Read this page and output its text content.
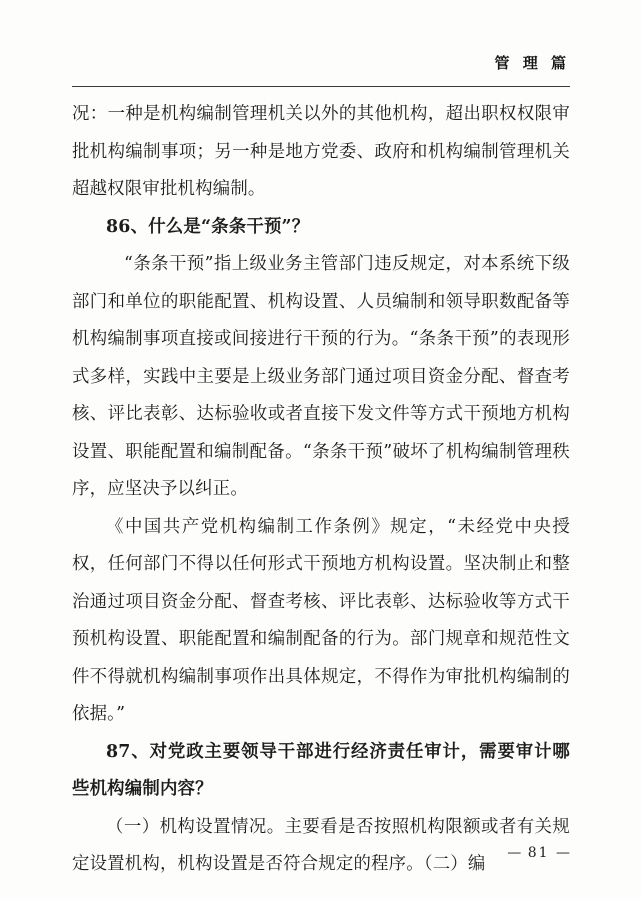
管 理 篇

况：一种是机构编制管理机关以外的其他机构，超出职权权限审批机构编制事项；另一种是地方党委、政府和机构编制管理机关超越权限审批机构编制。

86、什么是“条条干预”？

“条条干预”指上级业务主管部门违反规定，对本系统下级部门和单位的职能配置、机构设置、人员编制和领导职数配备等机构编制事项直接或间接进行干预的行为。“条条干预”的表现形式多样，实践中主要是上级业务部门通过项目资金分配、督查考核、评比表彰、达标验收或者直接下发文件等方式干预地方机构设置、职能配置和编制配备。“条条干预”破坏了机构编制管理秩序，应坚决予以纠正。

《中国共产党机构编制工作条例》规定，“未经党中央授权，任何部门不得以任何形式干预地方机构设置。坚决制止和整治通过项目资金分配、督查考核、评比表彰、达标验收等方式干预机构设置、职能配置和编制配备的行为。部门规章和规范性文件不得就机构编制事项作出具体规定，不得作为审批机构编制的依据。”

87、对党政主要领导干部进行经济责任审计，需要审计哪些机构编制内容？

（一）机构设置情况。主要看是否按照机构限额或者有关规定设置机构，机构设置是否符合规定的程序。（二）编

— 81 —
